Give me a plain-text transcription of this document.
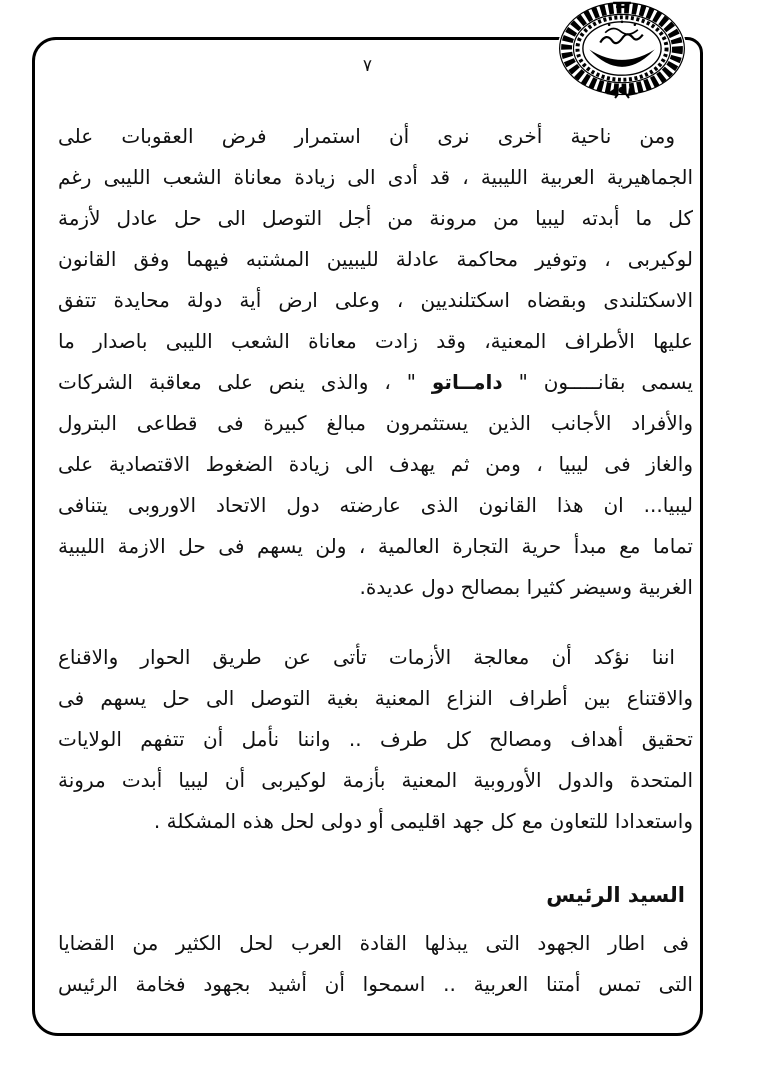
٧
ومن ناحية أخرى نرى أن استمرار فرض العقوبات على
الجماهيرية العربية الليبية ، قد أدى الى زيادة معاناة الشعب الليبى رغم
كل ما أبدته ليبيا من مرونة من أجل التوصل الى حل عادل لأزمة
لوكيربى ، وتوفير محاكمة عادلة لليبيين المشتبه فيهما وفق القانون
الاسكتلندى وبقضاه اسكتلنديين ، وعلى ارض أية دولة محايدة تتفق
عليها الأطراف المعنية، وقد زادت معاناة الشعب الليبى باصدار ما
يسمى بقانـــــون " دامــاتو " ، والذى ينص على معاقبة الشركات
والأفراد الأجانب الذين يستثمرون مبالغ كبيرة فى قطاعى البترول
والغاز فى ليبيا ، ومن ثم يهدف الى زيادة الضغوط الاقتصادية على
ليبيا... ان هذا القانون الذى عارضته دول الاتحاد الاوروبى يتنافى
تماما مع مبدأ حرية التجارة العالمية ، ولن يسهم فى حل الازمة الليبية
الغربية وسيضر كثيرا بمصالح دول عديدة.
اننا نؤكد أن معالجة الأزمات تأتى عن طريق الحوار والاقناع
والاقتناع بين أطراف النزاع المعنية بغية التوصل الى حل يسهم فى
تحقيق أهداف ومصالح كل طرف .. واننا نأمل أن تتفهم الولايات
المتحدة والدول الأوروبية المعنية بأزمة لوكيربى أن ليبيا أبدت مرونة
واستعدادا للتعاون مع كل جهد اقليمى أو دولى لحل هذه المشكلة .
السيد الرئيس
فى اطار الجهود التى يبذلها القادة العرب لحل الكثير من القضايا
التى تمس أمتنا العربية .. اسمحوا أن أشيد بجهود فخامة الرئيس
